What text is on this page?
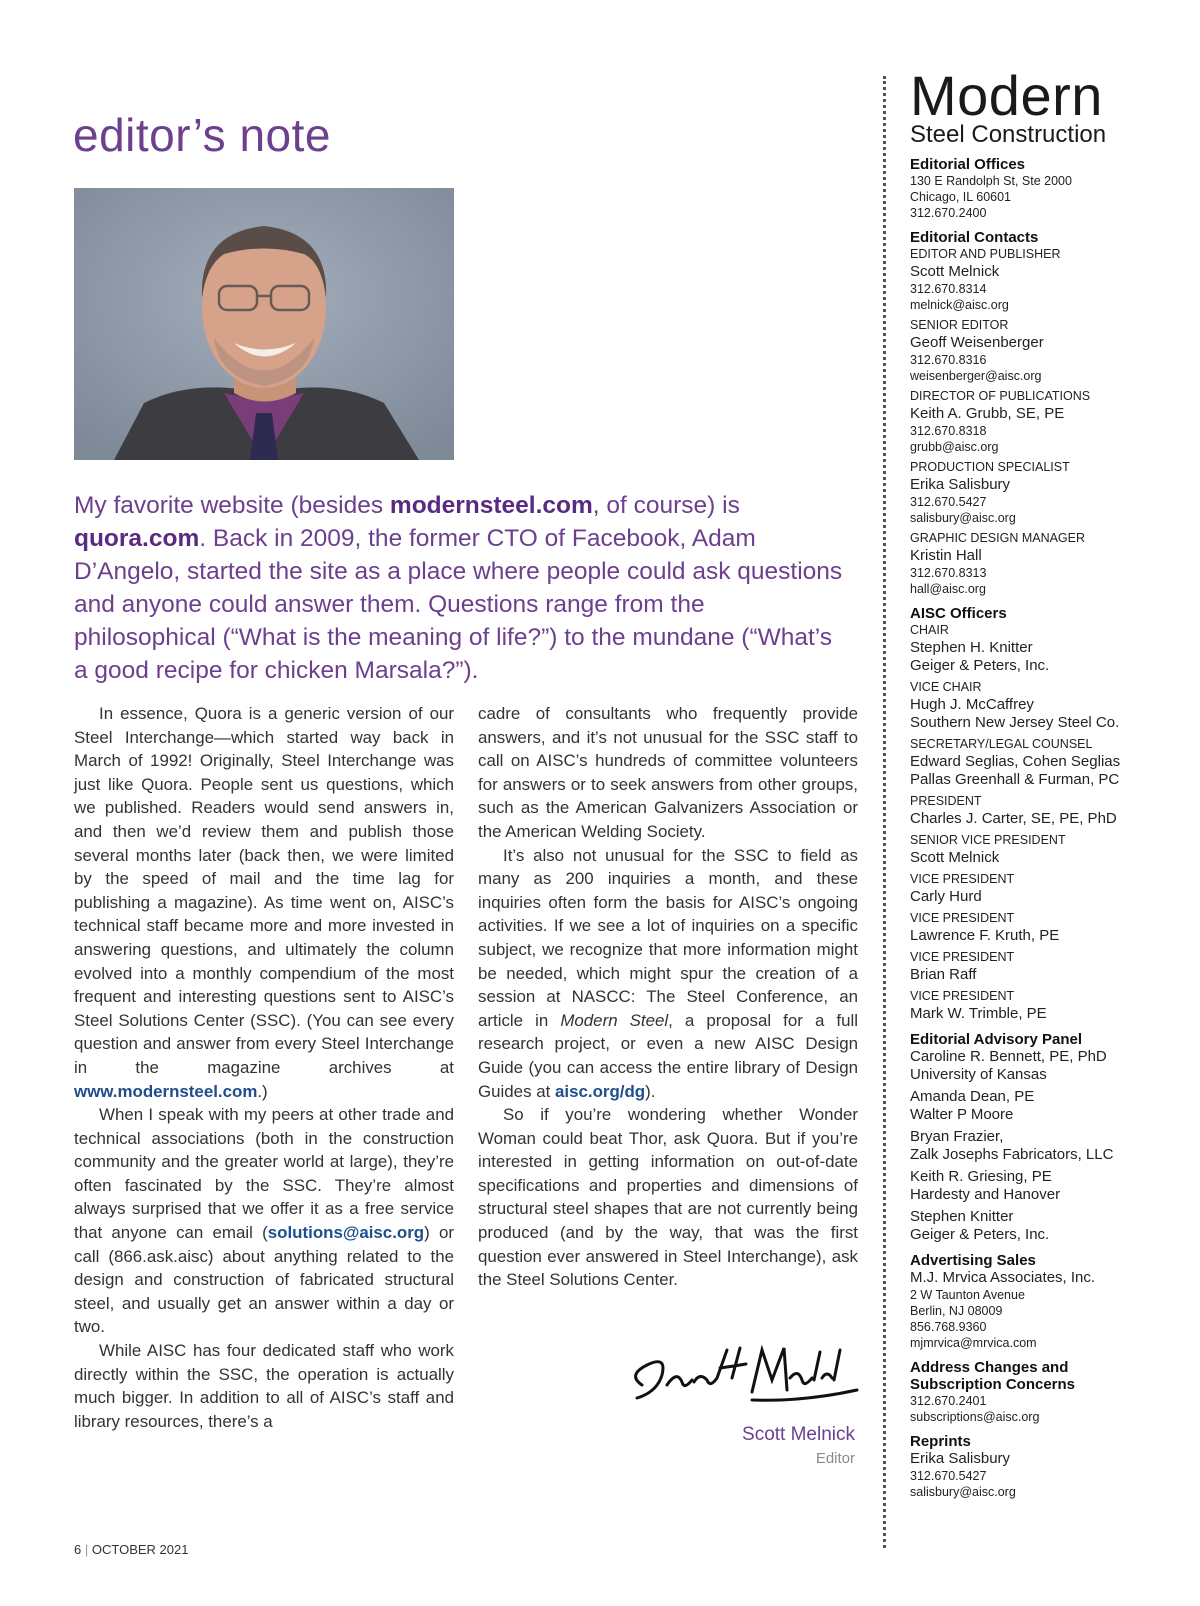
editor’s note

My favorite website (besides modernsteel.com, of course) is quora.com. Back in 2009, the former CTO of Facebook, Adam D’Angelo, started the site as a place where people could ask questions and anyone could answer them. Questions range from the philosophical (“What is the meaning of life?”) to the mundane (“What’s a good recipe for chicken Marsala?”).

In essence, Quora is a generic version of our Steel Interchange—which started way back in March of 1992! Originally, Steel Interchange was just like Quora. People sent us questions, which we published. Readers would send answers in, and then we’d review them and publish those several months later (back then, we were limited by the speed of mail and the time lag for publishing a magazine). As time went on, AISC’s technical staff became more and more invested in answering questions, and ultimately the column evolved into a monthly compendium of the most frequent and interesting questions sent to AISC’s Steel Solutions Center (SSC). (You can see every question and answer from every Steel Interchange in the magazine archives at www.modernsteel.com.)

When I speak with my peers at other trade and technical associations (both in the construction community and the greater world at large), they’re often fascinated by the SSC. They’re almost always surprised that we offer it as a free service that anyone can email (solutions@aisc.org) or call (866.ask.aisc) about anything related to the design and construction of fabricated structural steel, and usually get an answer within a day or two.

While AISC has four dedicated staff who work directly within the SSC, the operation is actually much bigger. In addition to all of AISC’s staff and library resources, there’s a

cadre of consultants who frequently provide answers, and it’s not unusual for the SSC staff to call on AISC’s hundreds of committee volunteers for answers or to seek answers from other groups, such as the American Galvanizers Association or the American Welding Society.

It’s also not unusual for the SSC to field as many as 200 inquiries a month, and these inquiries often form the basis for AISC’s ongoing activities. If we see a lot of inquiries on a specific subject, we recognize that more information might be needed, which might spur the creation of a session at NASCC: The Steel Conference, an article in Modern Steel, a proposal for a full research project, or even a new AISC Design Guide (you can access the entire library of Design Guides at aisc.org/dg).

So if you’re wondering whether Wonder Woman could beat Thor, ask Quora. But if you’re interested in getting information on out-of-date specifications and properties and dimensions of structural steel shapes that are not currently being produced (and by the way, that was the first question ever answered in Steel Interchange), ask the Steel Solutions Center.

Scott Melnick
Editor
6 | OCTOBER 2021
Modern
Steel Construction
Editorial Offices
130 E Randolph St, Ste 2000
Chicago, IL 60601
312.670.2400
Editorial Contacts
EDITOR AND PUBLISHER
Scott Melnick
312.670.8314
melnick@aisc.org
SENIOR EDITOR
Geoff Weisenberger
312.670.8316
weisenberger@aisc.org
DIRECTOR OF PUBLICATIONS
Keith A. Grubb, SE, PE
312.670.8318
grubb@aisc.org
PRODUCTION SPECIALIST
Erika Salisbury
312.670.5427
salisbury@aisc.org
GRAPHIC DESIGN MANAGER
Kristin Hall
312.670.8313
hall@aisc.org
AISC Officers
CHAIR
Stephen H. Knitter
Geiger & Peters, Inc.
VICE CHAIR
Hugh J. McCaffrey
Southern New Jersey Steel Co.
SECRETARY/LEGAL COUNSEL
Edward Seglias, Cohen Seglias
Pallas Greenhall & Furman, PC
PRESIDENT
Charles J. Carter, SE, PE, PhD
SENIOR VICE PRESIDENT
Scott Melnick
VICE PRESIDENT
Carly Hurd
VICE PRESIDENT
Lawrence F. Kruth, PE
VICE PRESIDENT
Brian Raff
VICE PRESIDENT
Mark W. Trimble, PE
Editorial Advisory Panel
Caroline R. Bennett, PE, PhD
University of Kansas
Amanda Dean, PE
Walter P Moore
Bryan Frazier,
Zalk Josephs Fabricators, LLC
Keith R. Griesing, PE
Hardesty and Hanover
Stephen Knitter
Geiger & Peters, Inc.
Advertising Sales
M.J. Mrvica Associates, Inc.
2 W Taunton Avenue
Berlin, NJ 08009
856.768.9360
mjmrvica@mrvica.com
Address Changes and
Subscription Concerns
312.670.2401
subscriptions@aisc.org
Reprints
Erika Salisbury
312.670.5427
salisbury@aisc.org
